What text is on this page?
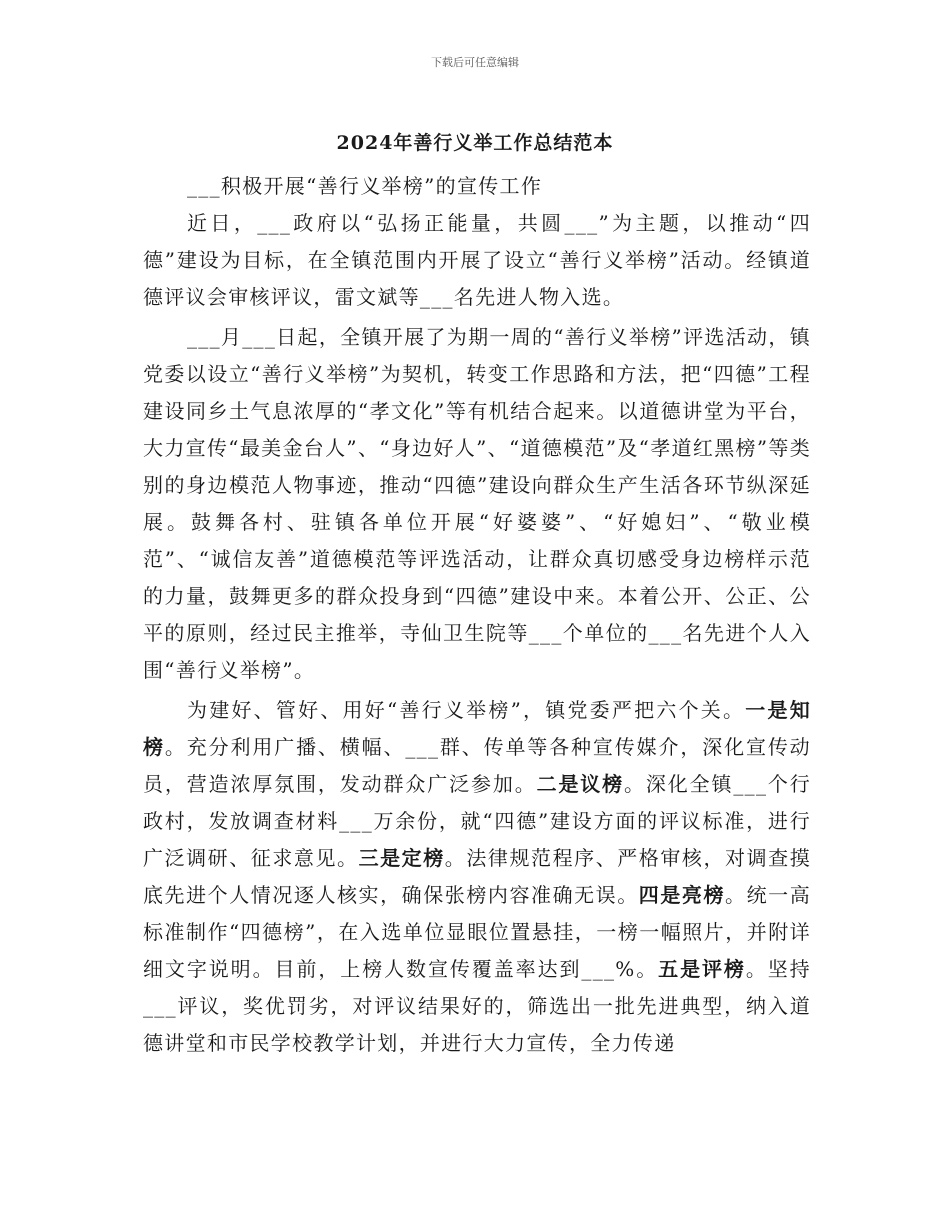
下载后可任意编辑
2024年善行义举工作总结范本

___积极开展“善行义举榜”的宣传工作

近日，___政府以“弘扬正能量，共圆___”为主题，以推动“四德”建设为目标，在全镇范围内开展了设立“善行义举榜”活动。经镇道德评议会审核评议，雷文斌等___名先进人物入选。

___月___日起，全镇开展了为期一周的“善行义举榜”评选活动，镇党委以设立“善行义举榜”为契机，转变工作思路和方法，把“四德”工程建设同乡土气息浓厚的“孝文化”等有机结合起来。以道德讲堂为平台，大力宣传“最美金台人”、“身边好人”、“道德模范”及“孝道红黑榜”等类别的身边模范人物事迹，推动“四德”建设向群众生产生活各环节纵深延展。鼓舞各村、驻镇各单位开展“好婆婆”、“好媳妇”、“敬业模范”、“诚信友善”道德模范等评选活动，让群众真切感受身边榜样示范的力量，鼓舞更多的群众投身到“四德”建设中来。本着公开、公正、公平的原则，经过民主推举，寺仙卫生院等___个单位的___名先进个人入围“善行义举榜”。

为建好、管好、用好“善行义举榜”，镇党委严把六个关。一是知榜。充分利用广播、横幅、___群、传单等各种宣传媒介，深化宣传动员，营造浓厚氛围，发动群众广泛参加。二是议榜。深化全镇___个行政村，发放调查材料___万余份，就“四德”建设方面的评议标准，进行广泛调研、征求意见。三是定榜。法律规范程序、严格审核，对调查摸底先进个人情况逐人核实，确保张榜内容准确无误。四是亮榜。统一高标准制作“四德榜”，在入选单位显眼位置悬挂，一榜一幅照片，并附详细文字说明。目前，上榜人数宣传覆盖率达到___%。五是评榜。坚持___评议，奖优罚劣，对评议结果好的，筛选出一批先进典型，纳入道德讲堂和市民学校教学计划，并进行大力宣传，全力传递
